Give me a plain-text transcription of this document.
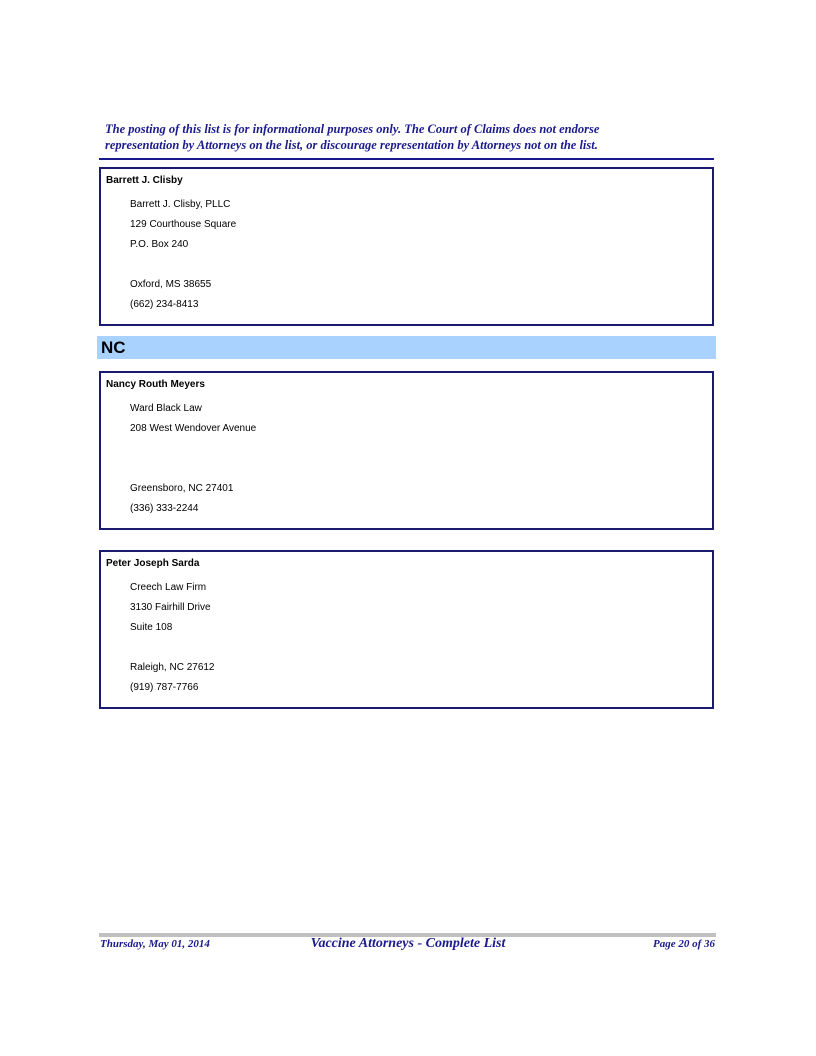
The posting of this list is for informational purposes only. The Court of Claims does not endorse
representation by Attorneys on the list, or discourage representation by Attorneys not on the list.
Barrett J. Clisby
Barrett J. Clisby, PLLC
129 Courthouse Square
P.O. Box 240
Oxford, MS 38655
(662) 234-8413
NC
Nancy Routh Meyers
Ward Black Law
208 West Wendover Avenue
Greensboro, NC 27401
(336) 333-2244
Peter Joseph Sarda
Creech Law Firm
3130 Fairhill Drive
Suite 108
Raleigh, NC 27612
(919) 787-7766
Thursday, May 01, 2014	Vaccine Attorneys - Complete List	Page 20 of 36
